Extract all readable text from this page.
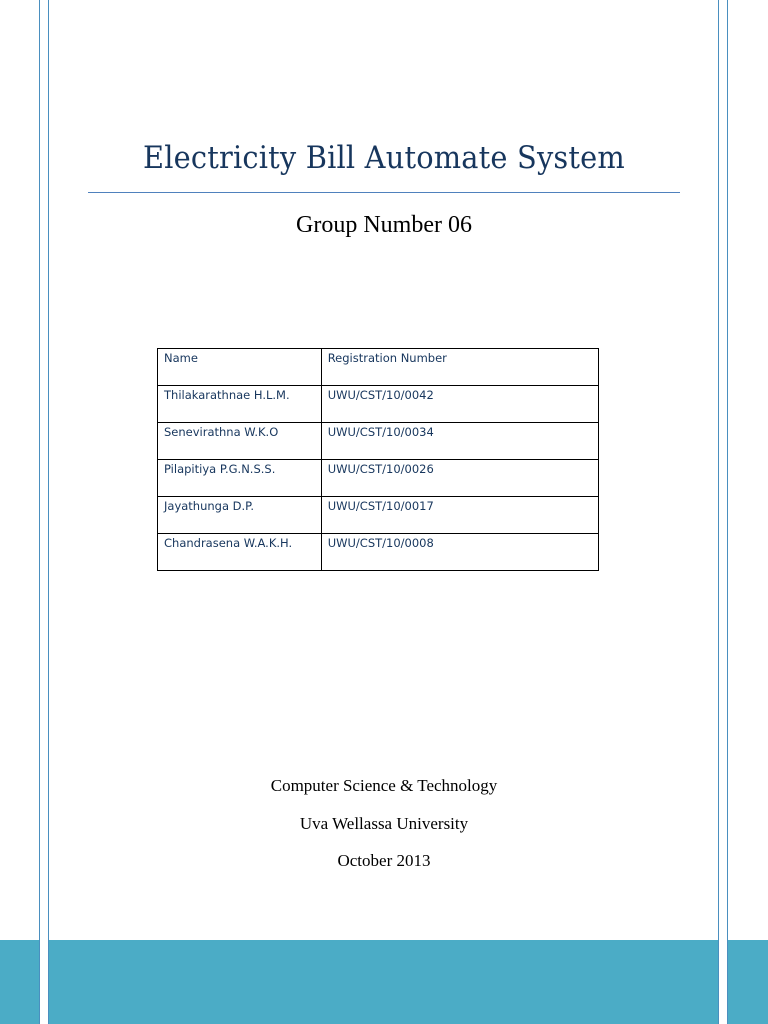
Electricity Bill Automate System
Group Number 06
Name	Registration Number
Thilakarathnae H.L.M.	UWU/CST/10/0042
Senevirathna W.K.O	UWU/CST/10/0034
Pilapitiya P.G.N.S.S.	UWU/CST/10/0026
Jayathunga D.P.	UWU/CST/10/0017
Chandrasena W.A.K.H.	UWU/CST/10/0008
Computer Science & Technology
Uva Wellassa University
October 2013
